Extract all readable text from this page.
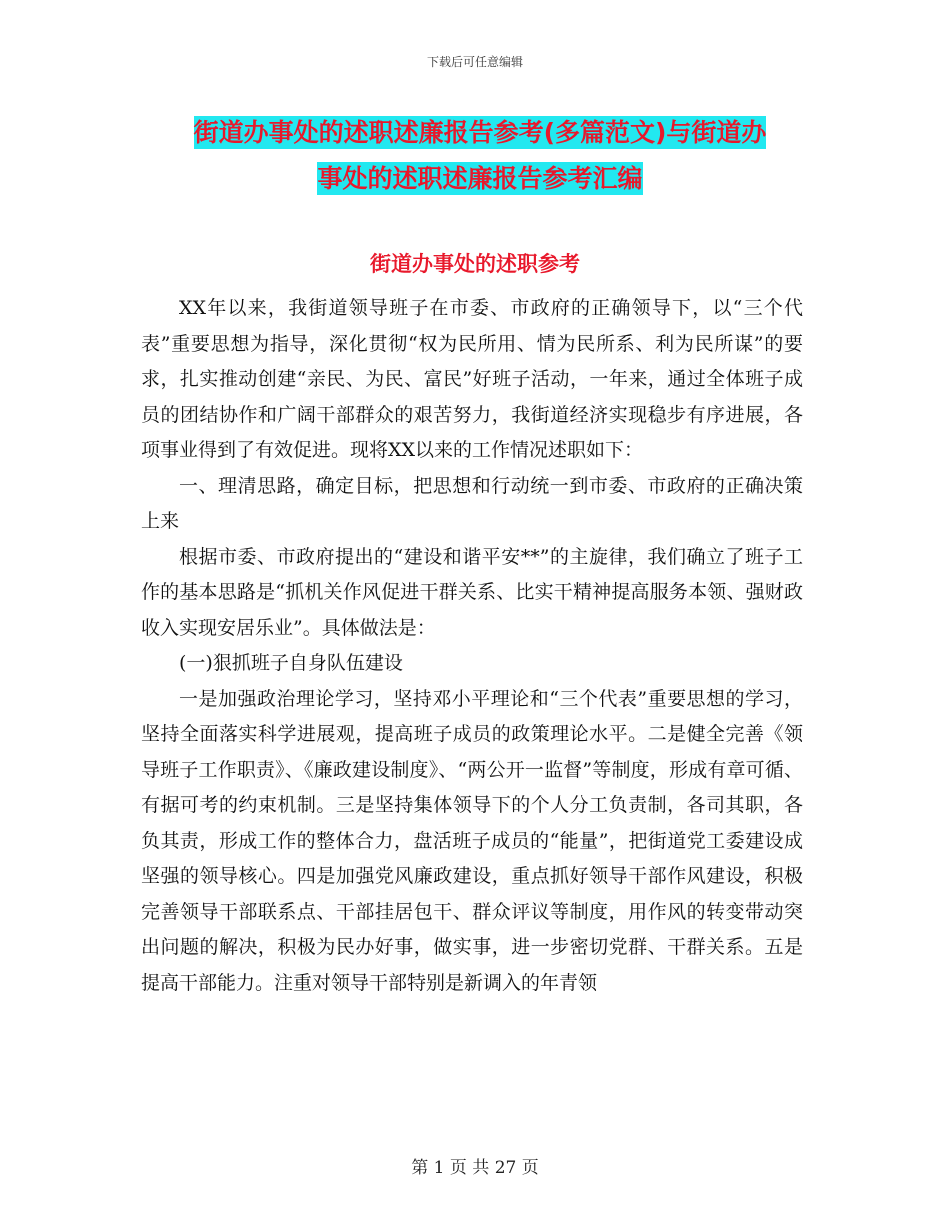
下载后可任意编辑
街道办事处的述职述廉报告参考(多篇范文)与街道办
事处的述职述廉报告参考汇编
街道办事处的述职参考

XX年以来，我街道领导班子在市委、市政府的正确领导下，以“三个代表”重要思想为指导，深化贯彻“权为民所用、情为民所系、利为民所谋”的要求，扎实推动创建“亲民、为民、富民”好班子活动，一年来，通过全体班子成员的团结协作和广阔干部群众的艰苦努力，我街道经济实现稳步有序进展，各项事业得到了有效促进。现将XX以来的工作情况述职如下：

一、理清思路，确定目标，把思想和行动统一到市委、市政府的正确决策上来

根据市委、市政府提出的“建设和谐平安**”的主旋律，我们确立了班子工作的基本思路是“抓机关作风促进干群关系、比实干精神提高服务本领、强财政收入实现安居乐业”。具体做法是：

(一)狠抓班子自身队伍建设

一是加强政治理论学习，坚持邓小平理论和“三个代表”重要思想的学习，坚持全面落实科学进展观，提高班子成员的政策理论水平。二是健全完善《领导班子工作职责》、《廉政建设制度》、“两公开一监督”等制度，形成有章可循、有据可考的约束机制。三是坚持集体领导下的个人分工负责制，各司其职，各负其责，形成工作的整体合力，盘活班子成员的“能量”，把街道党工委建设成坚强的领导核心。四是加强党风廉政建设，重点抓好领导干部作风建设，积极完善领导干部联系点、干部挂居包干、群众评议等制度，用作风的转变带动突出问题的解决，积极为民办好事，做实事，进一步密切党群、干群关系。五是提高干部能力。注重对领导干部特别是新调入的年青领

第 1 页 共 27 页
